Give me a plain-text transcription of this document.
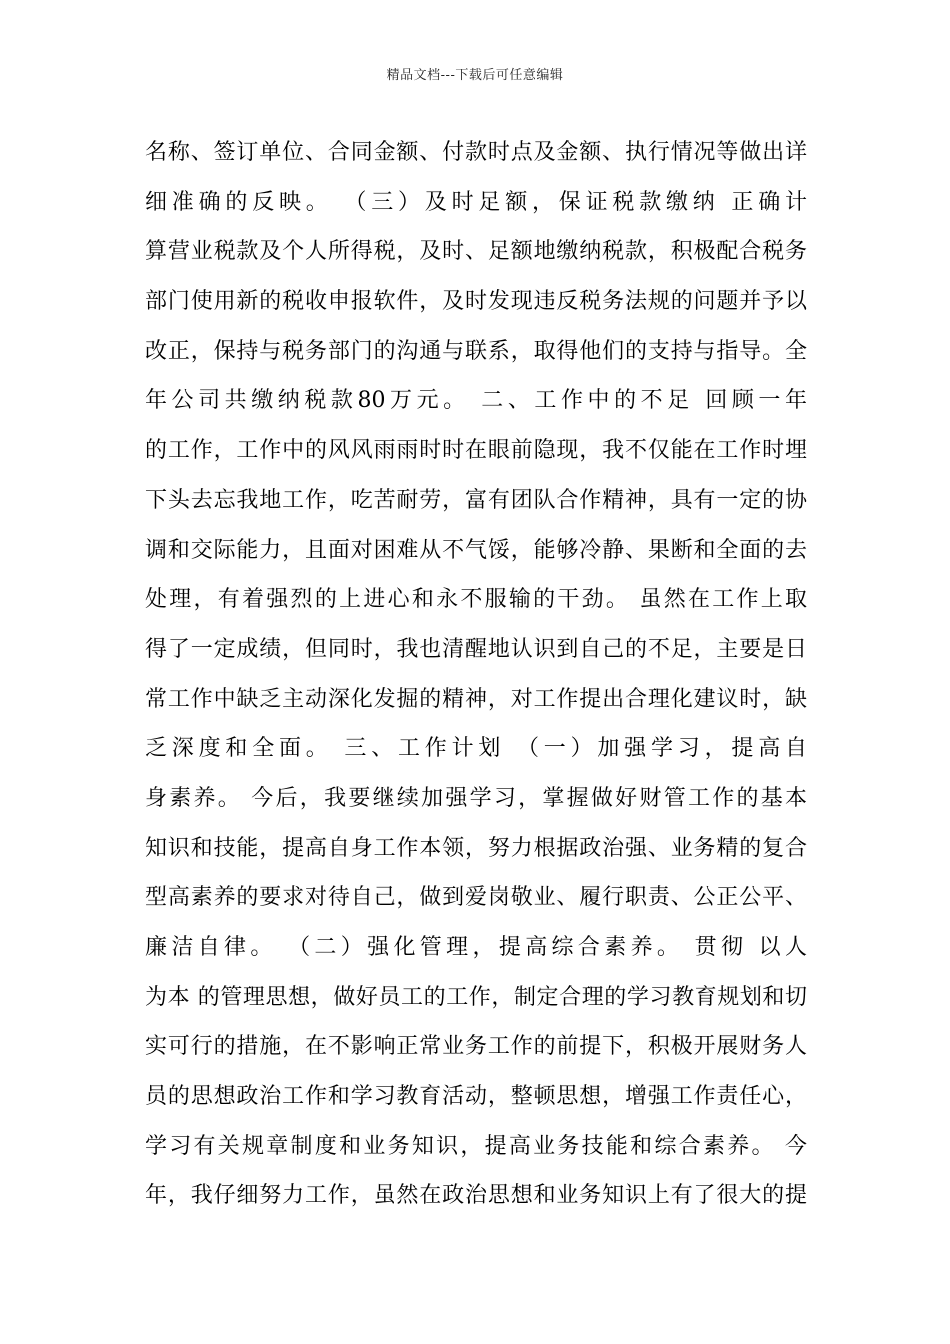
精品文档---下载后可任意编辑
名称、签订单位、合同金额、付款时点及金额、执行情况等做出详
细准确的反映。 （三）及时足额，保证税款缴纳 正确计
算营业税款及个人所得税，及时、足额地缴纳税款，积极配合税务
部门使用新的税收申报软件，及时发现违反税务法规的问题并予以
改正，保持与税务部门的沟通与联系，取得他们的支持与指导。全
年公司共缴纳税款80万元。 二、工作中的不足 回顾一年
的工作，工作中的风风雨雨时时在眼前隐现，我不仅能在工作时埋
下头去忘我地工作，吃苦耐劳，富有团队合作精神，具有一定的协
调和交际能力，且面对困难从不气馁，能够冷静、果断和全面的去
处理，有着强烈的上进心和永不服输的干劲。 虽然在工作上取
得了一定成绩，但同时，我也清醒地认识到自己的不足，主要是日
常工作中缺乏主动深化发掘的精神，对工作提出合理化建议时，缺
乏深度和全面。 三、工作计划 （一）加强学习，提高自
身素养。 今后，我要继续加强学习，掌握做好财管工作的基本
知识和技能，提高自身工作本领，努力根据政治强、业务精的复合
型高素养的要求对待自己，做到爱岗敬业、履行职责、公正公平、
廉洁自律。 （二）强化管理，提高综合素养。 贯彻 以人
为本 的管理思想，做好员工的工作，制定合理的学习教育规划和切
实可行的措施，在不影响正常业务工作的前提下，积极开展财务人
员的思想政治工作和学习教育活动，整顿思想，增强工作责任心，
学习有关规章制度和业务知识，提高业务技能和综合素养。 今
年，我仔细努力工作，虽然在政治思想和业务知识上有了很大的提
